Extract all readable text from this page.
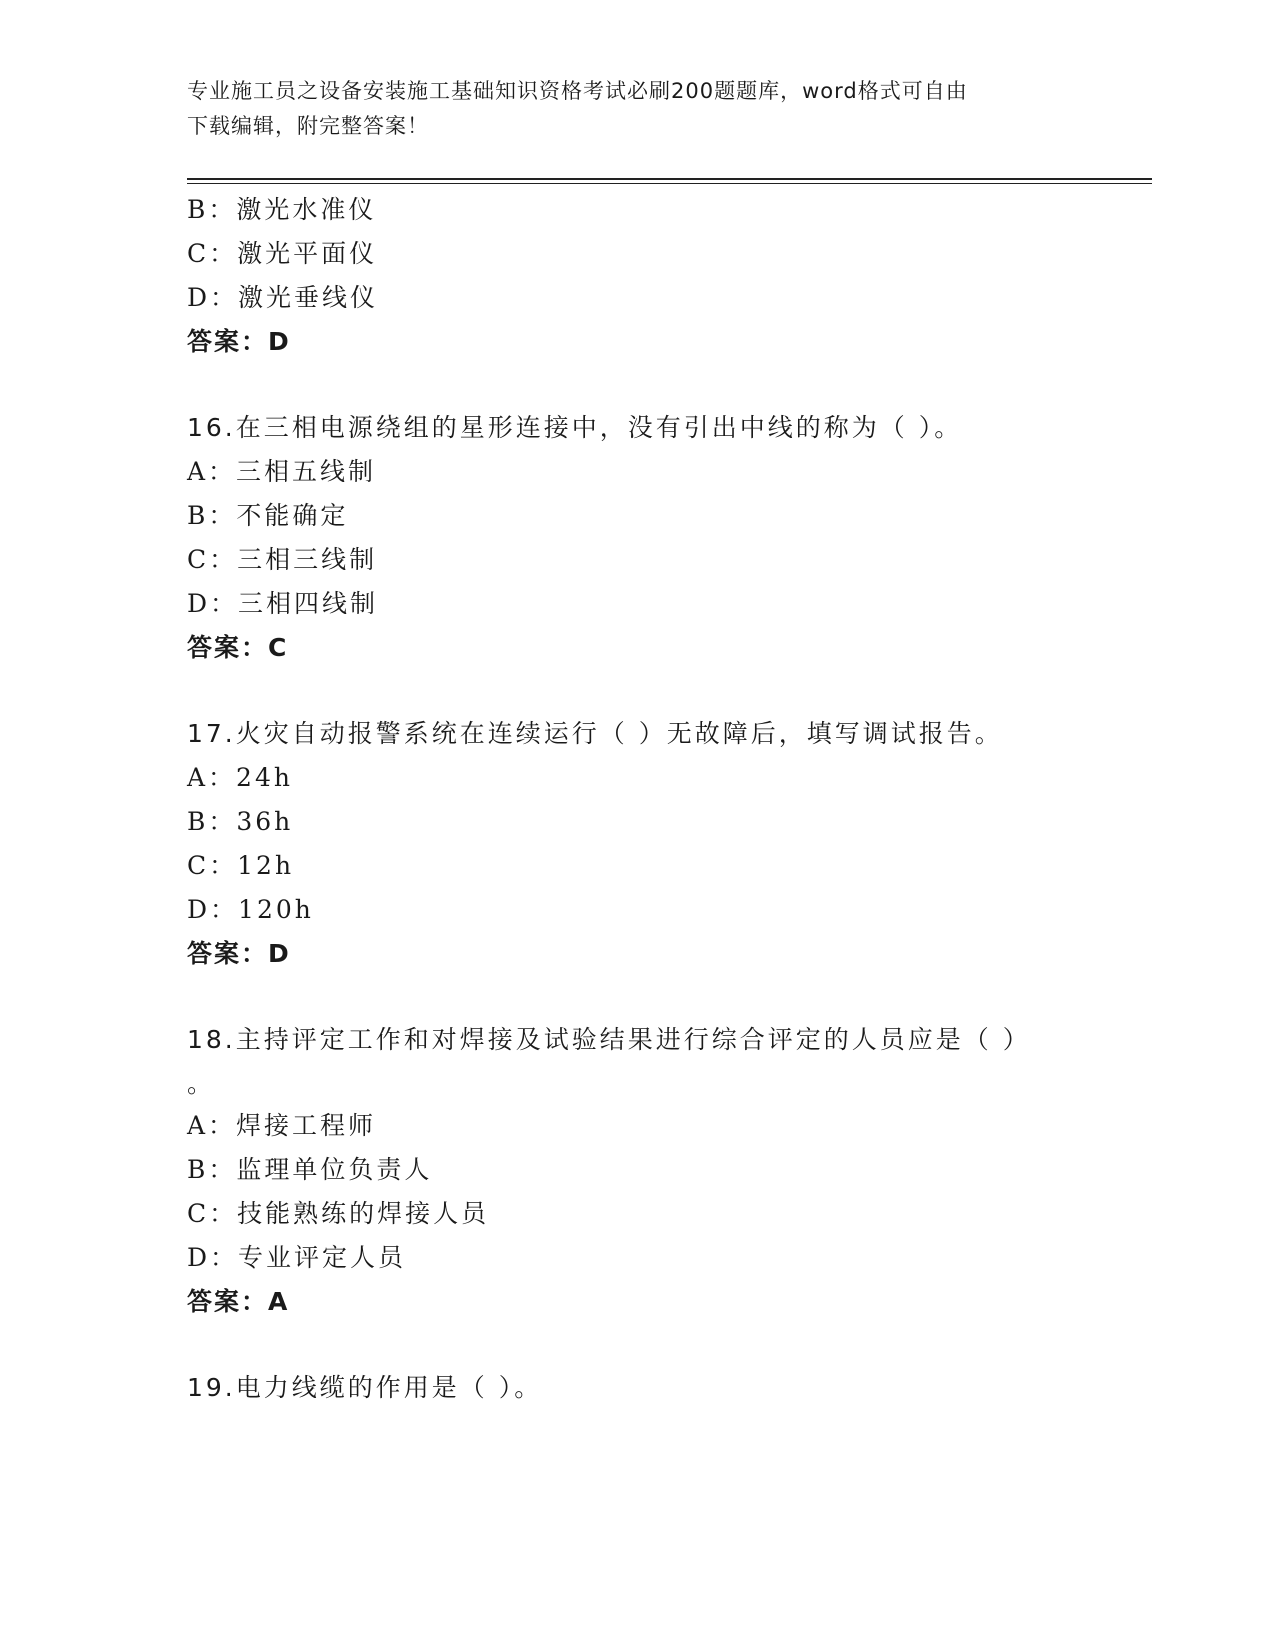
专业施工员之设备安装施工基础知识资格考试必刷200题题库，word格式可自由
下载编辑，附完整答案！
B：激光水准仪
C：激光平面仪
D：激光垂线仪
答案：D
16.在三相电源绕组的星形连接中，没有引出中线的称为（ ）。
A：三相五线制
B：不能确定
C：三相三线制
D：三相四线制
答案：C
17.火灾自动报警系统在连续运行（ ）无故障后，填写调试报告。
A：24h
B：36h
C：12h
D：120h
答案：D
18.主持评定工作和对焊接及试验结果进行综合评定的人员应是（ ）
。
A：焊接工程师
B：监理单位负责人
C：技能熟练的焊接人员
D：专业评定人员
答案：A
19.电力线缆的作用是（ ）。
